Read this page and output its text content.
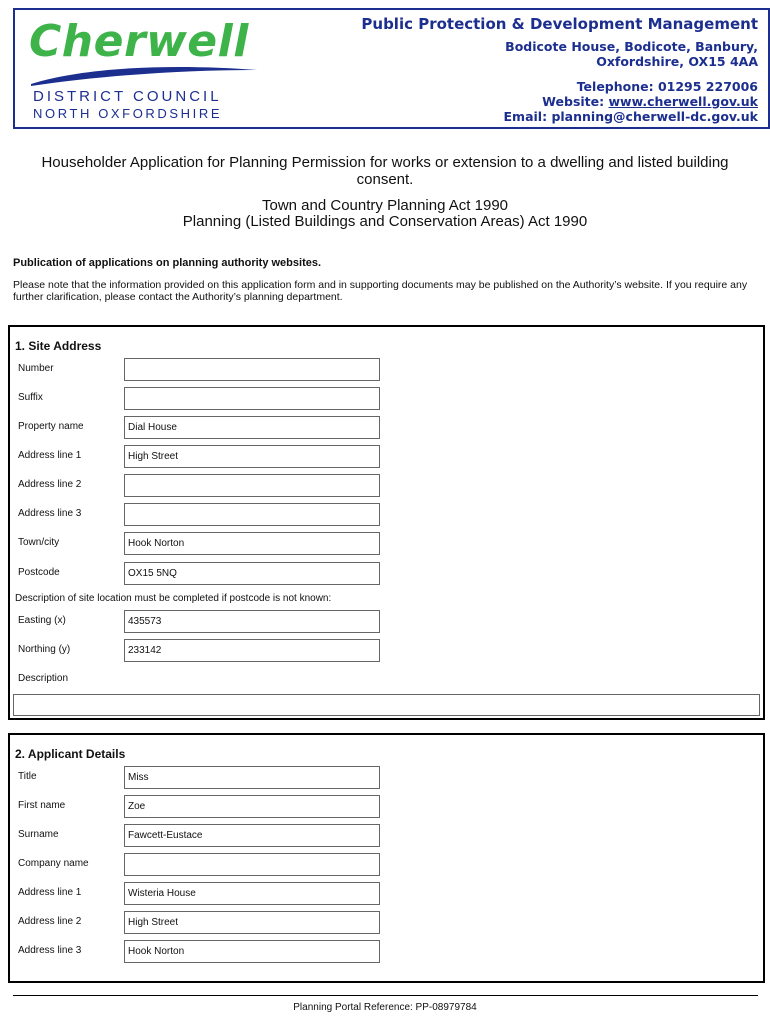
Cherwell
DISTRICT COUNCIL
NORTH OXFORDSHIRE
Public Protection & Development Management
Bodicote House, Bodicote, Banbury,
Oxfordshire, OX15 4AA
Telephone: 01295 227006
Website: www.cherwell.gov.uk
Email: planning@cherwell-dc.gov.uk
Householder Application for Planning Permission for works or extension to a dwelling and listed building consent.
Town and Country Planning Act 1990
Planning (Listed Buildings and Conservation Areas) Act 1990
Publication of applications on planning authority websites.
Please note that the information provided on this application form and in supporting documents may be published on the Authority’s website. If you require any further clarification, please contact the Authority’s planning department.
1. Site Address
Number
Suffix
Property name	Dial House
Address line 1	High Street
Address line 2
Address line 3
Town/city	Hook Norton
Postcode	OX15 5NQ
Description of site location must be completed if postcode is not known:
Easting (x)	435573
Northing (y)	233142
Description
2. Applicant Details
Title	Miss
First name	Zoe
Surname	Fawcett-Eustace
Company name
Address line 1	Wisteria House
Address line 2	High Street
Address line 3	Hook Norton
Planning Portal Reference: PP-08979784
